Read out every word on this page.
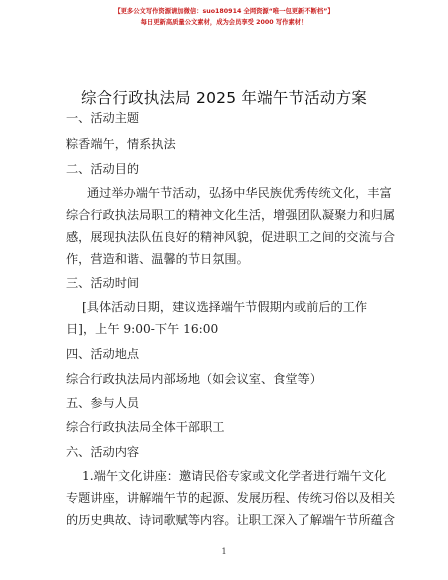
【更多公文写作资源请加微信：suo180914 全网资源“唯一包更新不断档”】
每日更新高质量公文素材，成为会员享受 2000 写作素材！
综合行政执法局 2025 年端午节活动方案
一、活动主题
粽香端午，情系执法
二、活动目的
通过举办端午节活动，弘扬中华民族优秀传统文化，丰富
综合行政执法局职工的精神文化生活，增强团队凝聚力和归属
感，展现执法队伍良好的精神风貌，促进职工之间的交流与合
作，营造和谐、温馨的节日氛围。
三、活动时间
[具体活动日期，建议选择端午节假期内或前后的工作
日]，上午 9:00-下午 16:00
四、活动地点
综合行政执法局内部场地（如会议室、食堂等）
五、参与人员
综合行政执法局全体干部职工
六、活动内容
1.端午文化讲座：邀请民俗专家或文化学者进行端午文化
专题讲座，讲解端午节的起源、发展历程、传统习俗以及相关
的历史典故、诗词歌赋等内容。让职工深入了解端午节所蕴含
1
